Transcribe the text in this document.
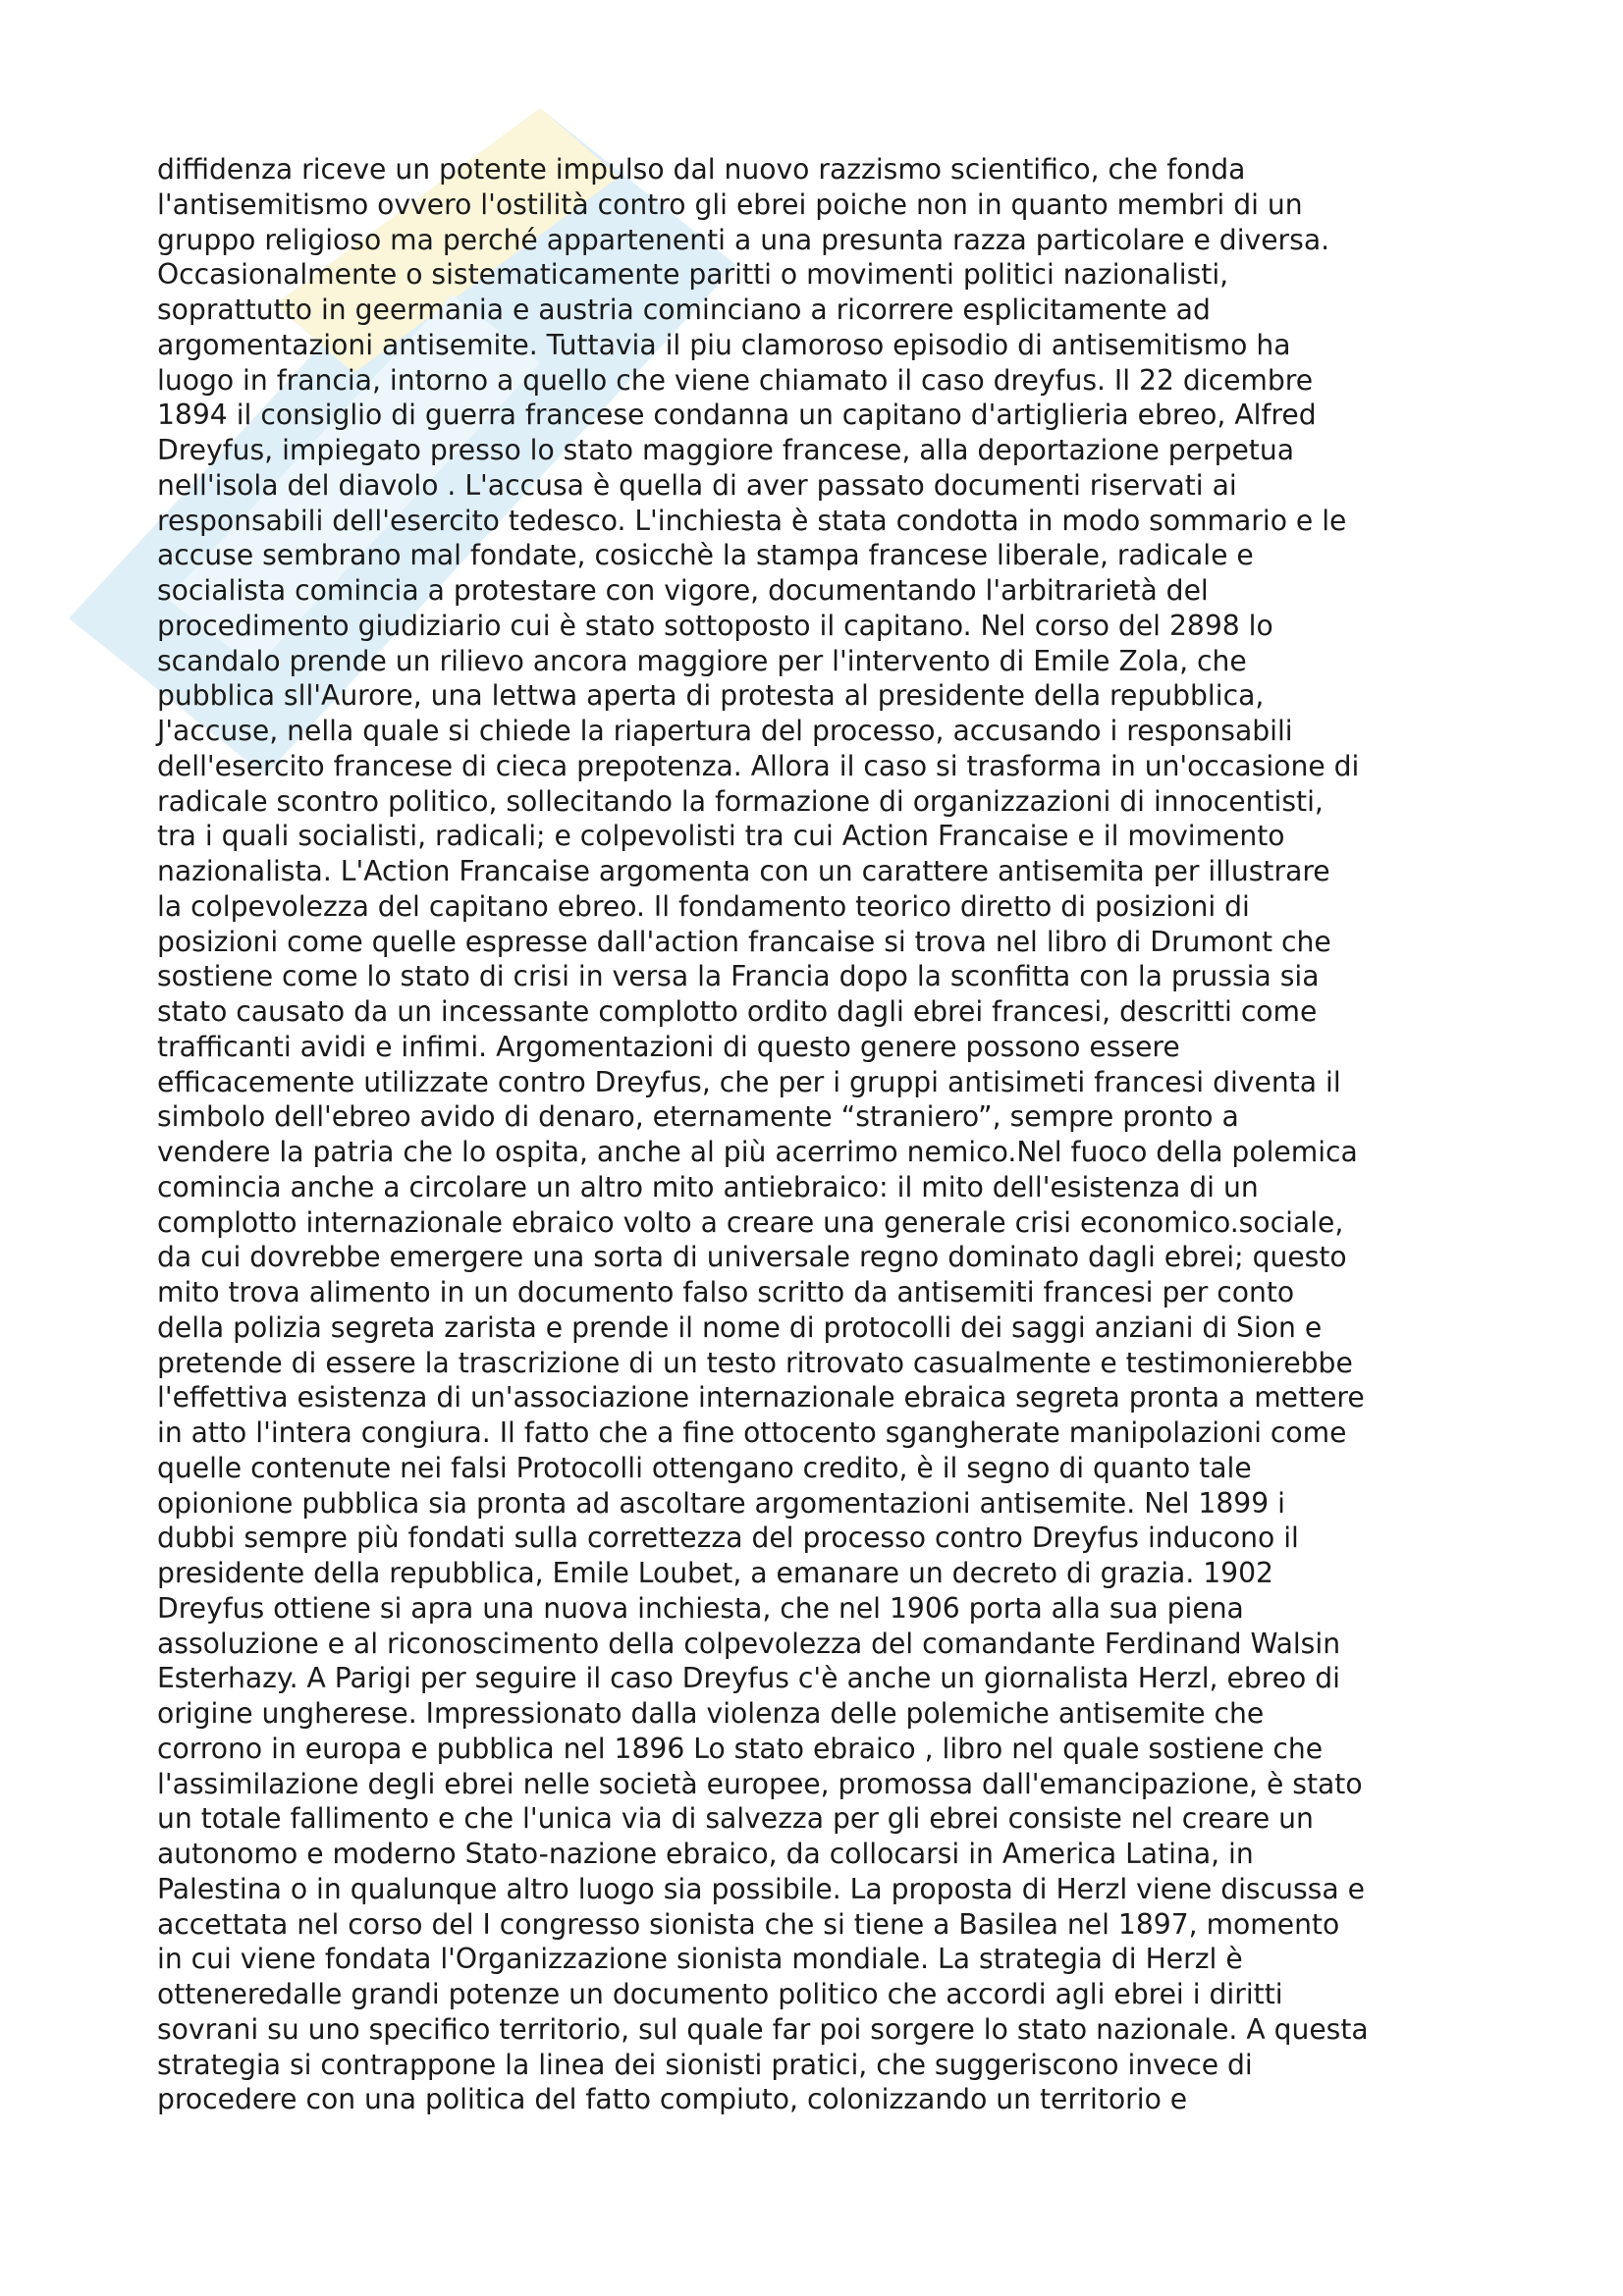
diffidenza riceve un potente impulso dal nuovo razzismo scientifico, che fonda
l'antisemitismo ovvero l'ostilità contro gli ebrei poiche non in quanto membri di un
gruppo religioso ma perché appartenenti a una presunta razza particolare e diversa.
Occasionalmente o sistematicamente paritti o movimenti politici nazionalisti,
soprattutto in geermania e austria cominciano a ricorrere esplicitamente ad
argomentazioni antisemite. Tuttavia il piu clamoroso episodio di antisemitismo ha
luogo in francia, intorno a quello che viene chiamato il caso dreyfus. Il 22 dicembre
1894 il consiglio di guerra francese condanna un capitano d'artiglieria ebreo, Alfred
Dreyfus, impiegato presso lo stato maggiore francese, alla deportazione perpetua
nell'isola del diavolo . L'accusa è quella di aver passato documenti riservati ai
responsabili dell'esercito tedesco. L'inchiesta è stata condotta in modo sommario e le
accuse sembrano mal fondate, cosicchè la stampa francese liberale, radicale e
socialista comincia a protestare con vigore, documentando l'arbitrarietà del
procedimento giudiziario cui è stato sottoposto il capitano. Nel corso del 2898 lo
scandalo prende un rilievo ancora maggiore per l'intervento di Emile Zola, che
pubblica sll'Aurore, una lettwa aperta di protesta al presidente della repubblica,
J'accuse, nella quale si chiede la riapertura del processo, accusando i responsabili
dell'esercito francese di cieca prepotenza. Allora il caso si trasforma in un'occasione di
radicale scontro politico, sollecitando la formazione di organizzazioni di innocentisti,
tra i quali socialisti, radicali; e colpevolisti tra cui Action Francaise e il movimento
nazionalista. L'Action Francaise argomenta con un carattere antisemita per illustrare
la colpevolezza del capitano ebreo. Il fondamento teorico diretto di posizioni di
posizioni come quelle espresse dall'action francaise si trova nel libro di Drumont che
sostiene come lo stato di crisi in versa la Francia dopo la sconfitta con la prussia sia
stato causato da un incessante complotto ordito dagli ebrei francesi, descritti come
trafficanti avidi e infimi. Argomentazioni di questo genere possono essere
efficacemente utilizzate contro Dreyfus, che per i gruppi antisimeti francesi diventa il
simbolo dell'ebreo avido di denaro, eternamente “straniero”, sempre pronto a
vendere la patria che lo ospita, anche al più acerrimo nemico.Nel fuoco della polemica
comincia anche a circolare un altro mito antiebraico: il mito dell'esistenza di un
complotto internazionale ebraico volto a creare una generale crisi economico.sociale,
da cui dovrebbe emergere una sorta di universale regno dominato dagli ebrei; questo
mito trova alimento in un documento falso scritto da antisemiti francesi per conto
della polizia segreta zarista e prende il nome di protocolli dei saggi anziani di Sion e
pretende di essere la trascrizione di un testo ritrovato casualmente e testimonierebbe
l'effettiva esistenza di un'associazione internazionale ebraica segreta pronta a mettere
in atto l'intera congiura. Il fatto che a fine ottocento sgangherate manipolazioni come
quelle contenute nei falsi Protocolli ottengano credito, è il segno di quanto tale
opionione pubblica sia pronta ad ascoltare argomentazioni antisemite. Nel 1899 i
dubbi sempre più fondati sulla correttezza del processo contro Dreyfus inducono il
presidente della repubblica, Emile Loubet, a emanare un decreto di grazia. 1902
Dreyfus ottiene si apra una nuova inchiesta, che nel 1906 porta alla sua piena
assoluzione e al riconoscimento della colpevolezza del comandante Ferdinand Walsin
Esterhazy. A Parigi per seguire il caso Dreyfus c'è anche un giornalista Herzl, ebreo di
origine ungherese. Impressionato dalla violenza delle polemiche antisemite che
corrono in europa e pubblica nel 1896 Lo stato ebraico , libro nel quale sostiene che
l'assimilazione degli ebrei nelle società europee, promossa dall'emancipazione, è stato
un totale fallimento e che l'unica via di salvezza per gli ebrei consiste nel creare un
autonomo e moderno Stato-nazione ebraico, da collocarsi in America Latina, in
Palestina o in qualunque altro luogo sia possibile. La proposta di Herzl viene discussa e
accettata nel corso del I congresso sionista che si tiene a Basilea nel 1897, momento
in cui viene fondata l'Organizzazione sionista mondiale. La strategia di Herzl è
otteneredalle grandi potenze un documento politico che accordi agli ebrei i diritti
sovrani su uno specifico territorio, sul quale far poi sorgere lo stato nazionale. A questa
strategia si contrappone la linea dei sionisti pratici, che suggeriscono invece di
procedere con una politica del fatto compiuto, colonizzando un territorio e
